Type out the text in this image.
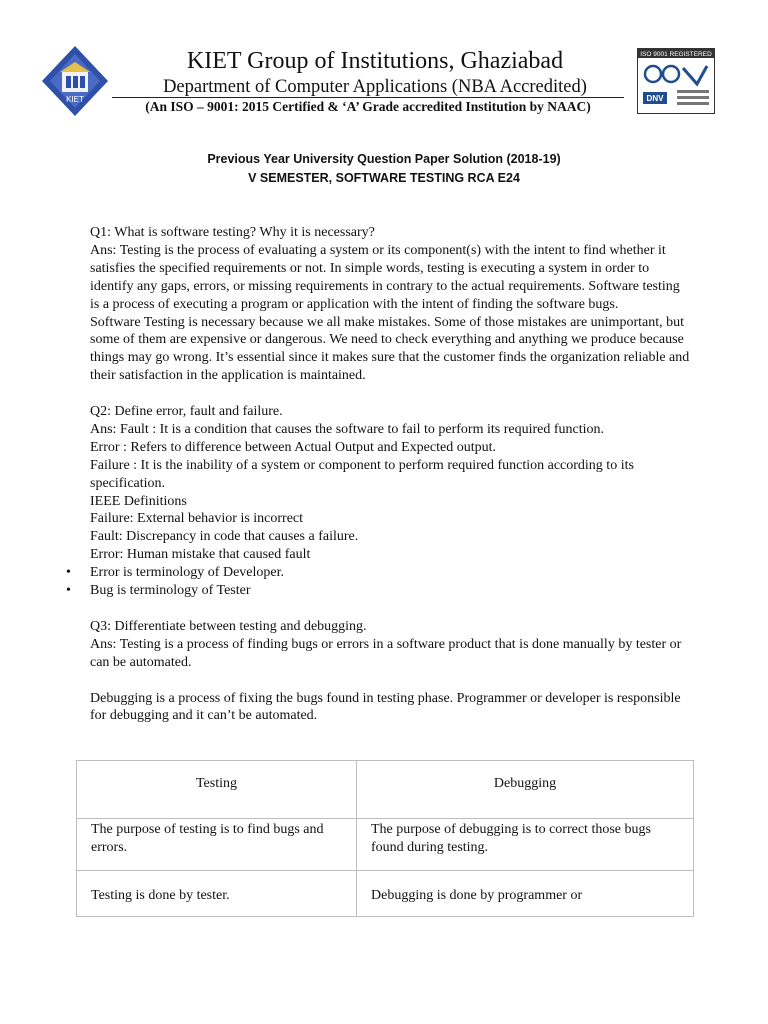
KIET
KIET Group of Institutions, Ghaziabad
Department of Computer Applications (NBA Accredited)
(An ISO – 9001: 2015 Certified & ‘A’ Grade accredited Institution by NAAC)
ISO 9001 REGISTERED
DNV
Previous Year University Question Paper Solution (2018-19)
V SEMESTER, SOFTWARE TESTING RCA E24

Q1: What is software testing? Why it is necessary?

Ans: Testing is the process of evaluating a system or its component(s) with the intent to find whether it satisfies the specified requirements or not. In simple words, testing is executing a system in order to identify any gaps, errors, or missing requirements in contrary to the actual requirements. Software testing is a process of executing a program or application with the intent of finding the software bugs.

Software Testing is necessary because we all make mistakes. Some of those mistakes are unimportant, but some of them are expensive or dangerous. We need to check everything and anything we produce because things may go wrong. It’s essential since it makes sure that the customer finds the organization reliable and their satisfaction in the application is maintained.

Q2: Define error, fault and failure.

Ans: Fault : It is a condition that causes the software to fail to perform its required function.

Error : Refers to difference between Actual Output and Expected output.

Failure : It is the inability of a system or component to perform required function according to its specification.

IEEE Definitions

Failure: External behavior is incorrect

Fault: Discrepancy in code that causes a failure.

Error: Human mistake that caused fault

• Error is terminology of Developer.
• Bug is terminology of Tester

Q3: Differentiate between testing and debugging.

Ans: Testing is a process of finding bugs or errors in a software product that is done manually by tester or can be automated.

Debugging is a process of fixing the bugs found in testing phase. Programmer or developer is responsible for debugging and it can’t be automated.

Testing	Debugging
The purpose of testing is to find bugs and errors.	The purpose of debugging is to correct those bugs found during testing.
Testing is done by tester.	Debugging is done by programmer or
